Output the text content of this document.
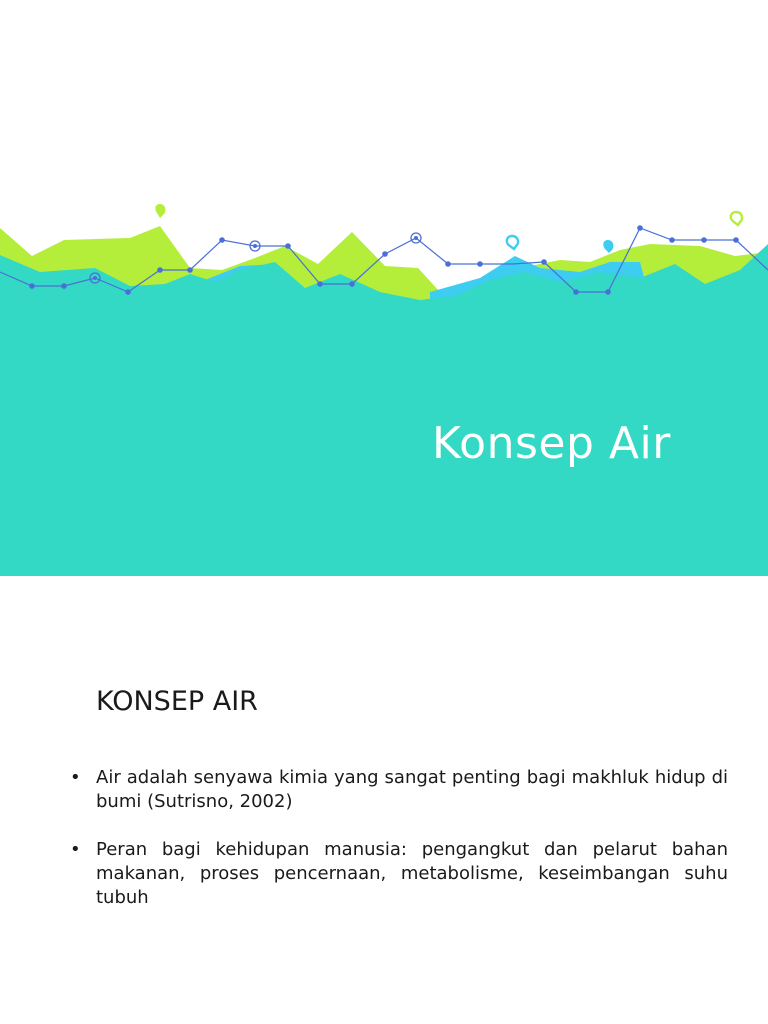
Konsep Air
KONSEP AIR
• Air adalah senyawa kimia yang sangat penting bagi makhluk hidup di bumi (Sutrisno, 2002)
• Peran bagi kehidupan manusia: pengangkut dan pelarut bahan makanan, proses pencernaan, metabolisme, keseimbangan suhu tubuh
